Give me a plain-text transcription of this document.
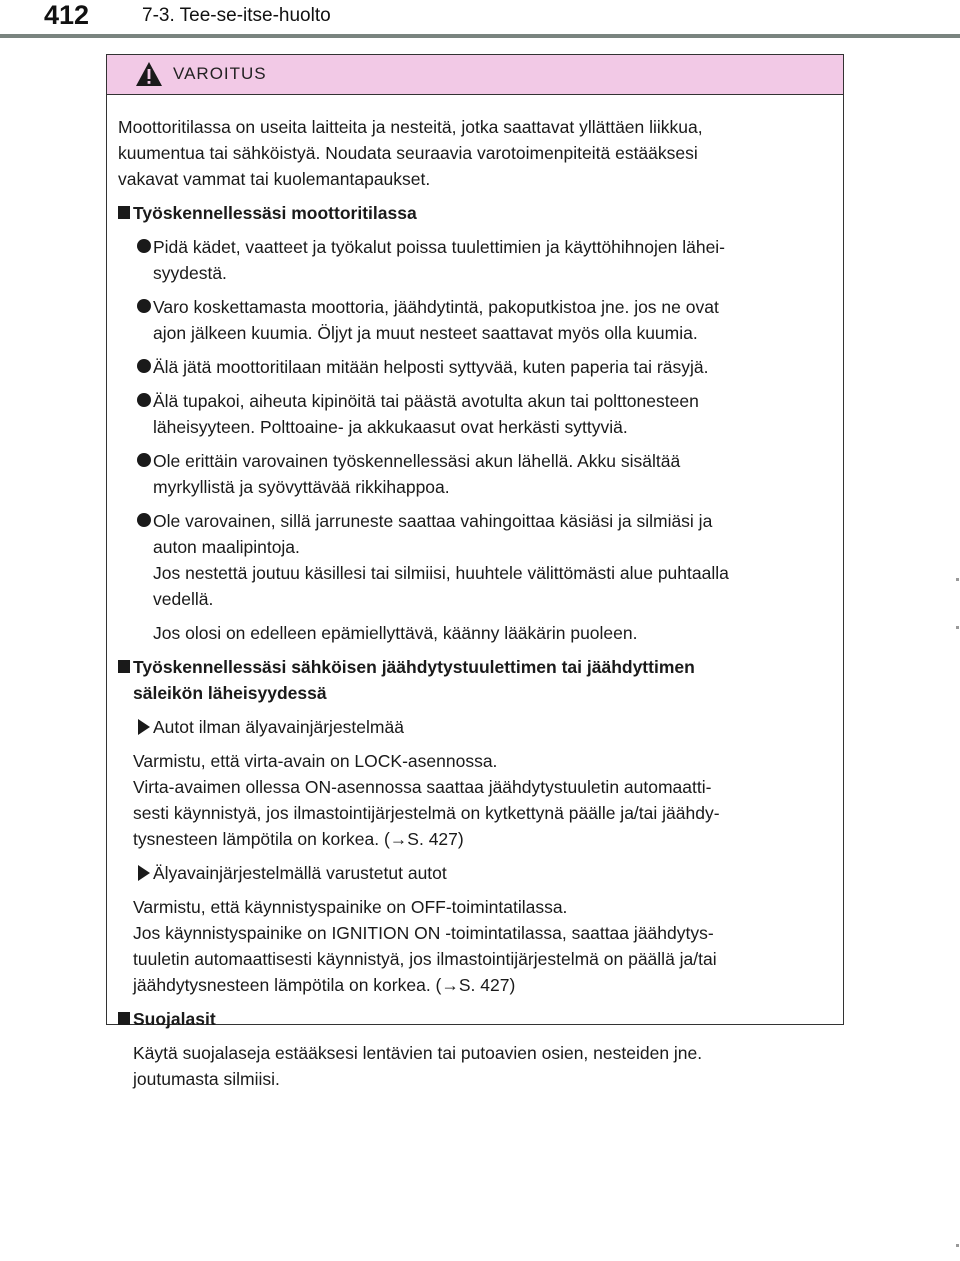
412	7-3. Tee-se-itse-huolto
VAROITUS

Moottoritilassa on useita laitteita ja nesteitä, jotka saattavat yllättäen liikkua,
kuumentua tai sähköistyä. Noudata seuraavia varotoimenpiteitä estääksesi
vakavat vammat tai kuolemantapaukset.

Työskennellessäsi moottoritilassa
Pidä kädet, vaatteet ja työkalut poissa tuulettimien ja käyttöhihnojen lähei-
syydestä.
Varo koskettamasta moottoria, jäähdytintä, pakoputkistoa jne. jos ne ovat
ajon jälkeen kuumia. Öljyt ja muut nesteet saattavat myös olla kuumia.
Älä jätä moottoritilaan mitään helposti syttyvää, kuten paperia tai räsyjä.
Älä tupakoi, aiheuta kipinöitä tai päästä avotulta akun tai polttonesteen
läheisyyteen. Polttoaine- ja akkukaasut ovat herkästi syttyviä.
Ole erittäin varovainen työskennellessäsi akun lähellä. Akku sisältää
myrkyllistä ja syövyttävää rikkihappoa.
Ole varovainen, sillä jarruneste saattaa vahingoittaa käsiäsi ja silmiäsi ja
auton maalipintoja.
Jos nestettä joutuu käsillesi tai silmiisi, huuhtele välittömästi alue puhtaalla
vedellä.
Jos olosi on edelleen epämiellyttävä, käänny lääkärin puoleen.
Työskennellessäsi sähköisen jäähdytystuulettimen tai jäähdyttimen
säleikön läheisyydessä
Autot ilman älyavainjärjestelmää
Varmistu, että virta-avain on LOCK-asennossa.
Virta-avaimen ollessa ON-asennossa saattaa jäähdytystuuletin automaatti-
sesti käynnistyä, jos ilmastointijärjestelmä on kytkettynä päälle ja/tai jäähdy-
tysnesteen lämpötila on korkea. (→S. 427)
Älyavainjärjestelmällä varustetut autot
Varmistu, että käynnistyspainike on OFF-toimintatilassa.
Jos käynnistyspainike on IGNITION ON -toimintatilassa, saattaa jäähdytys-
tuuletin automaattisesti käynnistyä, jos ilmastointijärjestelmä on päällä ja/tai
jäähdytysnesteen lämpötila on korkea. (→S. 427)
Suojalasit
Käytä suojalaseja estääksesi lentävien tai putoavien osien, nesteiden jne.
joutumasta silmiisi.
